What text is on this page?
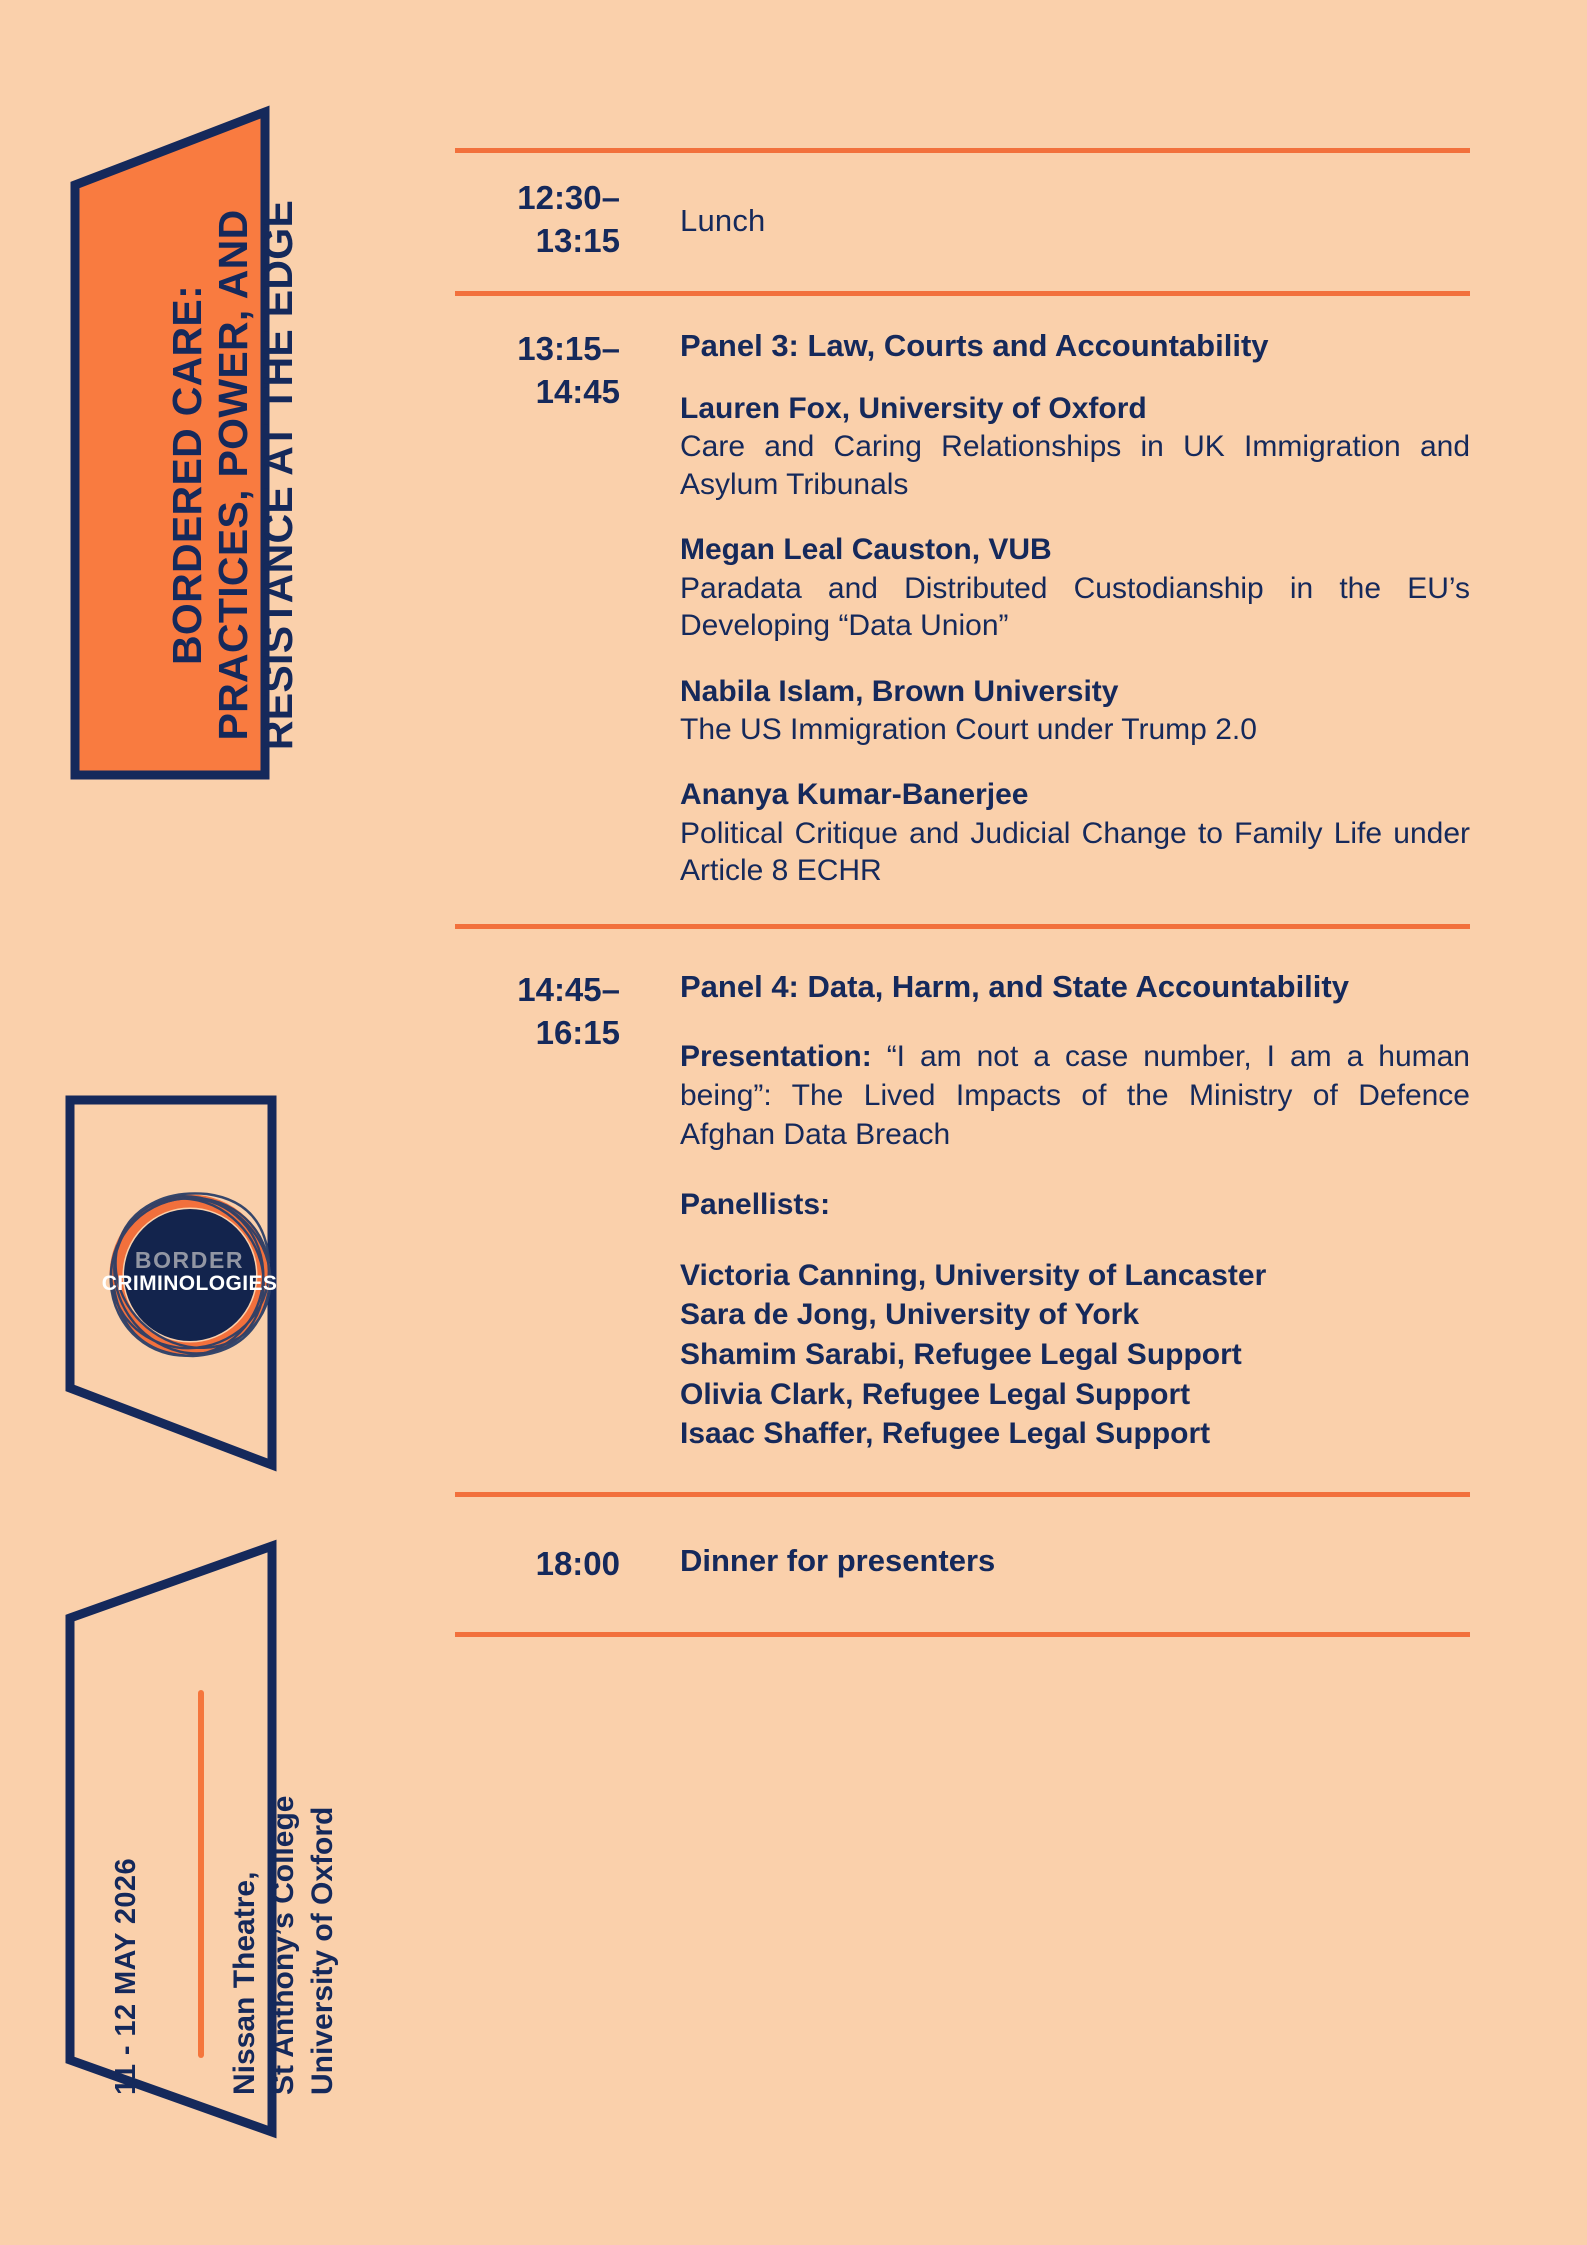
BORDERED CARE: PRACTICES, POWER, AND RESISTANCE AT THE EDGE
BORDER
CRIMINOLOGIES
11 - 12 MAY 2026	Nissan Theatre, St Anthony’s College University of Oxford
12:30–
13:15
Lunch
13:15–
14:45
Panel 3: Law, Courts and Accountability
Lauren Fox, University of Oxford
Care and Caring Relationships in UK Immigration and Asylum Tribunals
Megan Leal Causton, VUB
Paradata and Distributed Custodianship in the EU’s Developing “Data Union”
Nabila Islam, Brown University
The US Immigration Court under Trump 2.0
Ananya Kumar-Banerjee
Political Critique and Judicial Change to Family Life under Article 8 ECHR
14:45–
16:15
Panel 4: Data, Harm, and State Accountability
Presentation: “I am not a case number, I am a human being”: The Lived Impacts of the Ministry of Defence Afghan Data Breach
Panellists:
Victoria Canning, University of Lancaster
Sara de Jong, University of York
Shamim Sarabi, Refugee Legal Support
Olivia Clark, Refugee Legal Support
Isaac Shaffer, Refugee Legal Support
18:00 Dinner for presenters
